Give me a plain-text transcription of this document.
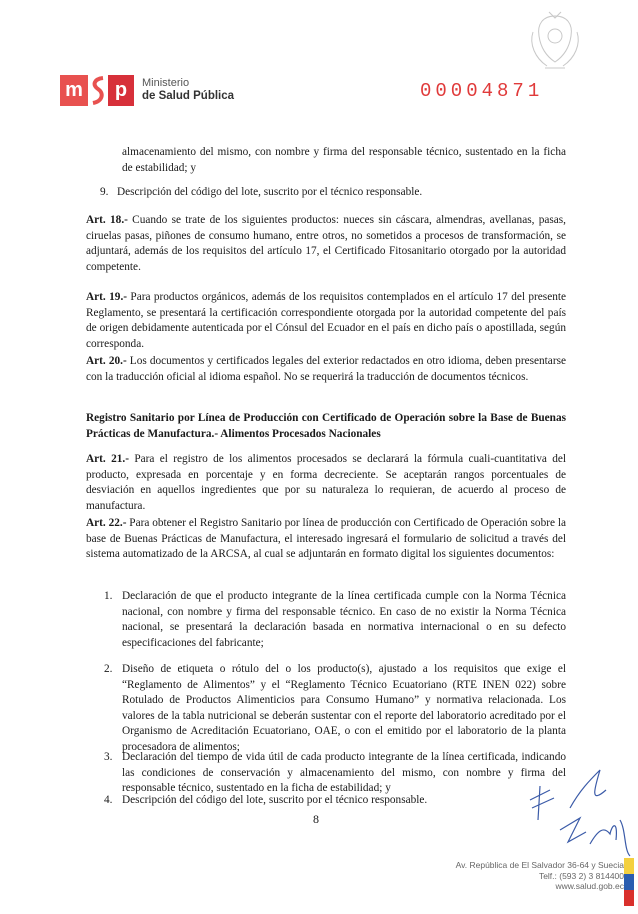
m	p	Ministerio
de Salud Pública	00004871

almacenamiento del mismo, con nombre y firma del responsable técnico, sustentado en la ficha de estabilidad; y

9. Descripción del código del lote, suscrito por el técnico responsable.

Art. 18.- Cuando se trate de los siguientes productos: nueces sin cáscara, almendras, avellanas, pasas, ciruelas pasas, piñones de consumo humano, entre otros, no sometidos a procesos de transformación, se adjuntará, además de los requisitos del artículo 17, el Certificado Fitosanitario otorgado por la autoridad competente.

Art. 19.- Para productos orgánicos, además de los requisitos contemplados en el artículo 17 del presente Reglamento, se presentará la certificación correspondiente otorgada por la autoridad competente del país de origen debidamente autenticada por el Cónsul del Ecuador en el país en dicho país o apostillada, según corresponda.

Art. 20.- Los documentos y certificados legales del exterior redactados en otro idioma, deben presentarse con la traducción oficial al idioma español. No se requerirá la traducción de documentos técnicos.

Registro Sanitario por Línea de Producción con Certificado de Operación sobre la Base de Buenas Prácticas de Manufactura.- Alimentos Procesados Nacionales

Art. 21.- Para el registro de los alimentos procesados se declarará la fórmula cuali-cuantitativa del producto, expresada en porcentaje y en forma decreciente. Se aceptarán rangos porcentuales de desviación en aquellos ingredientes que por su naturaleza lo requieran, de acuerdo al proceso de manufactura.

Art. 22.- Para obtener el Registro Sanitario por línea de producción con Certificado de Operación sobre la base de Buenas Prácticas de Manufactura, el interesado ingresará el formulario de solicitud a través del sistema automatizado de la ARCSA, al cual se adjuntarán en formato digital los siguientes documentos:

1. Declaración de que el producto integrante de la línea certificada cumple con la Norma Técnica nacional, con nombre y firma del responsable técnico. En caso de no existir la Norma Técnica nacional, se presentará la declaración basada en normativa internacional o en su defecto especificaciones del fabricante;
2. Diseño de etiqueta o rótulo del o los producto(s), ajustado a los requisitos que exige el “Reglamento de Alimentos” y el “Reglamento Técnico Ecuatoriano (RTE INEN 022) sobre Rotulado de Productos Alimenticios para Consumo Humano” y normativa relacionada. Los valores de la tabla nutricional se deberán sustentar con el reporte del laboratorio acreditado por el Organismo de Acreditación Ecuatoriano, OAE, o con el emitido por el laboratorio de la planta procesadora de alimentos;
3. Declaración del tiempo de vida útil de cada producto integrante de la línea certificada, indicando las condiciones de conservación y almacenamiento del mismo, con nombre y firma del responsable técnico, sustentado en la ficha de estabilidad; y
4. Descripción del código del lote, suscrito por el técnico responsable.
8
Av. República de El Salvador 36-64 y Suecia
Telf.: (593 2) 3 814400
www.salud.gob.ec
